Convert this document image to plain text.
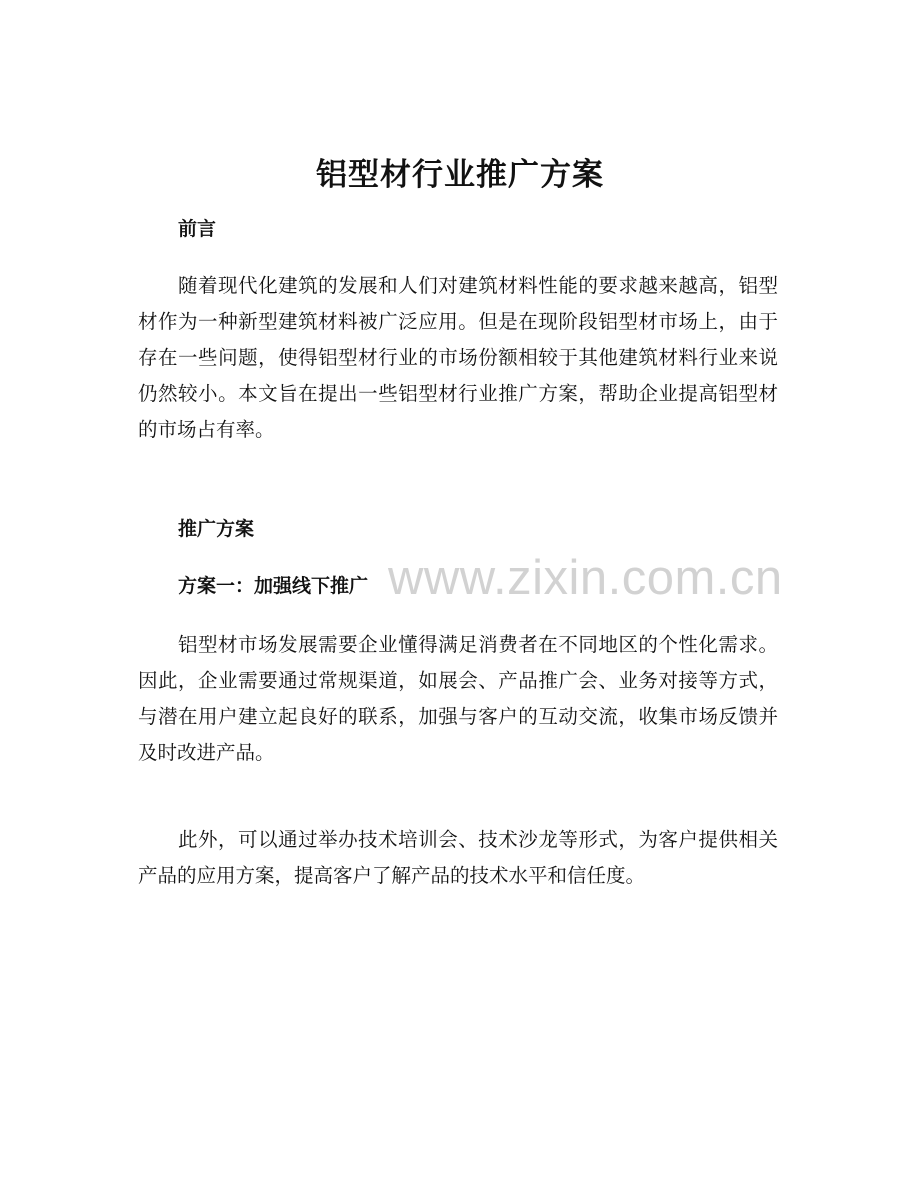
铝型材行业推广方案
前言

随着现代化建筑的发展和人们对建筑材料性能的要求越来越高，铝型材作为一种新型建筑材料被广泛应用。但是在现阶段铝型材市场上，由于存在一些问题，使得铝型材行业的市场份额相较于其他建筑材料行业来说仍然较小。本文旨在提出一些铝型材行业推广方案，帮助企业提高铝型材的市场占有率。

推广方案
方案一：加强线下推广

铝型材市场发展需要企业懂得满足消费者在不同地区的个性化需求。因此，企业需要通过常规渠道，如展会、产品推广会、业务对接等方式，与潜在用户建立起良好的联系，加强与客户的互动交流，收集市场反馈并及时改进产品。

此外，可以通过举办技术培训会、技术沙龙等形式，为客户提供相关产品的应用方案，提高客户了解产品的技术水平和信任度。

www.zixin.com.cn
